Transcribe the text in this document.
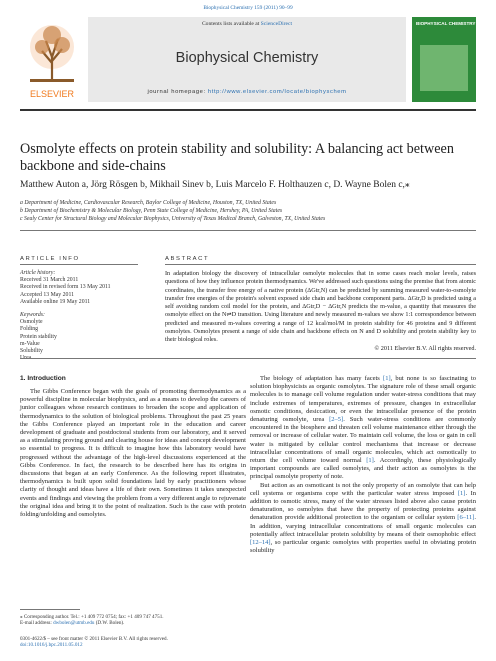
Biophysical Chemistry 159 (2011) 90–99
ELSEVIER
Contents lists available at ScienceDirect
Biophysical Chemistry
journal homepage: http://www.elsevier.com/locate/biophyschem
BIOPHYSICAL CHEMISTRY
Osmolyte effects on protein stability and solubility: A balancing act between backbone and side-chains
Matthew Auton a, Jörg Rösgen b, Mikhail Sinev b, Luis Marcelo F. Holthauzen c, D. Wayne Bolen c,⁎
a Department of Medicine, Cardiovascular Research, Baylor College of Medicine, Houston, TX, United States
b Department of Biochemistry & Molecular Biology, Penn State College of Medicine, Hershey, PA, United States
c Sealy Center for Structural Biology and Molecular Biophysics, University of Texas Medical Branch, Galveston, TX, United States
ARTICLE INFO
Article history:
Received 31 March 2011
Received in revised form 13 May 2011
Accepted 13 May 2011
Available online 19 May 2011
Keywords:
Osmolyte
Folding
Protein stability
m-Value
Solubility
ABSTRACT
In adaptation biology the discovery of intracellular osmolyte molecules that in some cases reach molar levels, raises questions of how they influence protein thermodynamics. We've addressed such questions using the premise that from atomic coordinates, the transfer free energy of a native protein (ΔGtr,N) can be predicted by summing measured water-to-osmolyte transfer free energies of the protein's solvent exposed side chain and backbone component parts. ΔGtr,D is predicted using a self avoiding random coil model for the protein, and ΔGtr,D − ΔGtr,N predicts the m-value, a quantity that measures the osmolyte effect on the N⇌D transition. Using literature and newly measured m-values we show 1:1 correspondence between predicted and measured m-values covering a range of 12 kcal/mol/M in protein stability for 46 proteins and 9 different osmolytes. Osmolytes present a range of side chain and backbone effects on N and D solubility and protein stability key to their biological roles.
© 2011 Elsevier B.V. All rights reserved.
1. Introduction

The Gibbs Conference began with the goals of promoting thermodynamics as a powerful discipline in molecular biophysics, and as a means to develop the careers of junior colleagues whose research continues to broaden the scope and application of thermodynamics to the solution of biological problems. Throughout the past 25 years the Gibbs Conference played an important role in the education and career development of graduate and postdoctoral students from our laboratory, and it served as a stimulating proving ground and clearing house for ideas and concept development so essential to progress. It is difficult to imagine how this laboratory would have progressed without the advantage of the high-level discussions experienced at the Gibbs Conference. In fact, the research to be described here has its origins in discussions that began at an early Conference. As the following report illustrates, thermodynamics is built upon solid foundations laid by early practitioners whose clarity of thought and ideas have a life of their own. Sometimes it takes unexpected events and findings and viewing the problem from a very different angle to rejuvenate the original idea and bring it to the point of realization. Such is the case with protein folding/unfolding and osmolytes.

The biology of adaptation has many facets [1], but none is so fascinating to solution biophysicists as organic osmolytes. The signature role of these small organic molecules is to manage cell volume regulation under water-stress conditions that may include extremes of temperatures, extremes of pressure, changes in extracellular osmotic conditions, desiccation, or even the intracellular presence of the protein denaturing osmolyte, urea [2–5]. Such water-stress conditions are commonly encountered in the biosphere and threaten cell volume maintenance either through the removal or increase of cellular water. To maintain cell volume, the loss or gain in cell water is mitigated by cellular control mechanisms that increase or decrease intracellular concentrations of small organic molecules, which act osmotically to return the cell volume toward normal [1]. Accordingly, these physiologically important compounds are called osmolytes, and their action as osmolytes is the principal osmolyte property of note.

But action as an osmoticant is not the only property of an osmolyte that can help cell systems or organisms cope with the particular water stress imposed [1]. In addition to osmotic stress, many of the water stresses listed above also cause protein denaturation, so osmolytes that have the property of protecting proteins against denaturation provide additional protection to the organism or cellular system [6–11]. In addition, varying intracellular concentrations of small organic molecules can potentially affect intracellular protein solubility by means of their osmophobic effect [12–14], so particular organic osmolytes with properties useful in obviating protein solubility

⁎ Corresponding author. Tel.: +1 409 772 0754; fax: +1 409 747 4751.
E-mail address: dwbolen@utmb.edu (D.W. Bolen).
0301-4622/$ – see front matter © 2011 Elsevier B.V. All rights reserved.
doi:10.1016/j.bpc.2011.05.012
